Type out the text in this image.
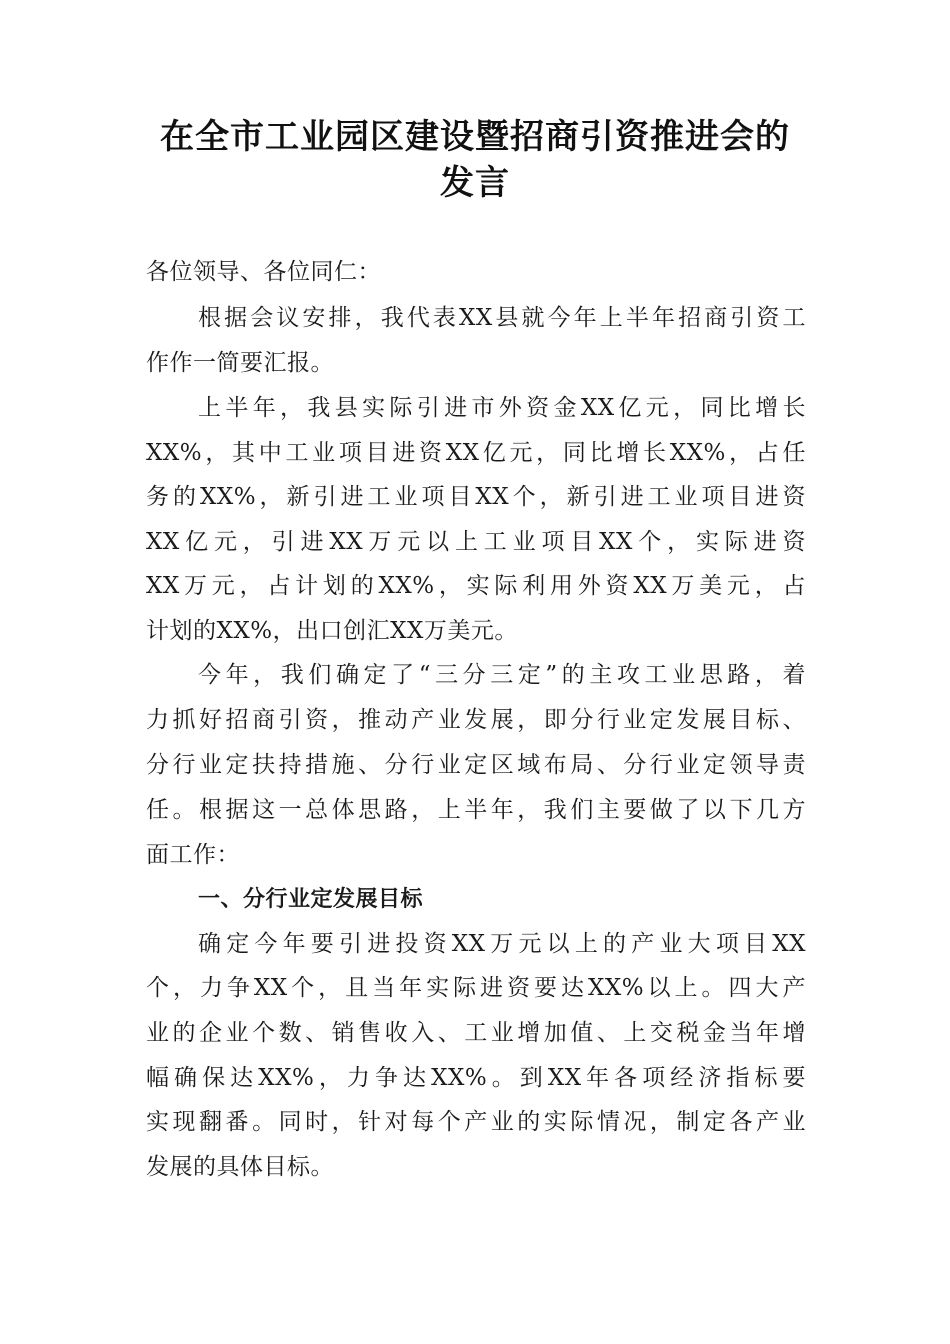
在全市工业园区建设暨招商引资推进会的
发言
各位领导、各位同仁：
根据会议安排，我代表XX县就今年上半年招商引资工
作作一简要汇报。
上半年，我县实际引进市外资金XX亿元，同比增长
XX%，其中工业项目进资XX亿元，同比增长XX%，占任
务的XX%，新引进工业项目XX个，新引进工业项目进资
XX亿元，引进XX万元以上工业项目XX个，实际进资
XX万元，占计划的XX%，实际利用外资XX万美元，占
计划的XX%，出口创汇XX万美元。
今年，我们确定了“三分三定”的主攻工业思路，着
力抓好招商引资，推动产业发展，即分行业定发展目标、
分行业定扶持措施、分行业定区域布局、分行业定领导责
任。根据这一总体思路，上半年，我们主要做了以下几方
面工作：
一、分行业定发展目标
确定今年要引进投资XX万元以上的产业大项目XX
个，力争XX个，且当年实际进资要达XX%以上。四大产
业的企业个数、销售收入、工业增加值、上交税金当年增
幅确保达XX%，力争达XX%。到XX年各项经济指标要
实现翻番。同时，针对每个产业的实际情况，制定各产业
发展的具体目标。
